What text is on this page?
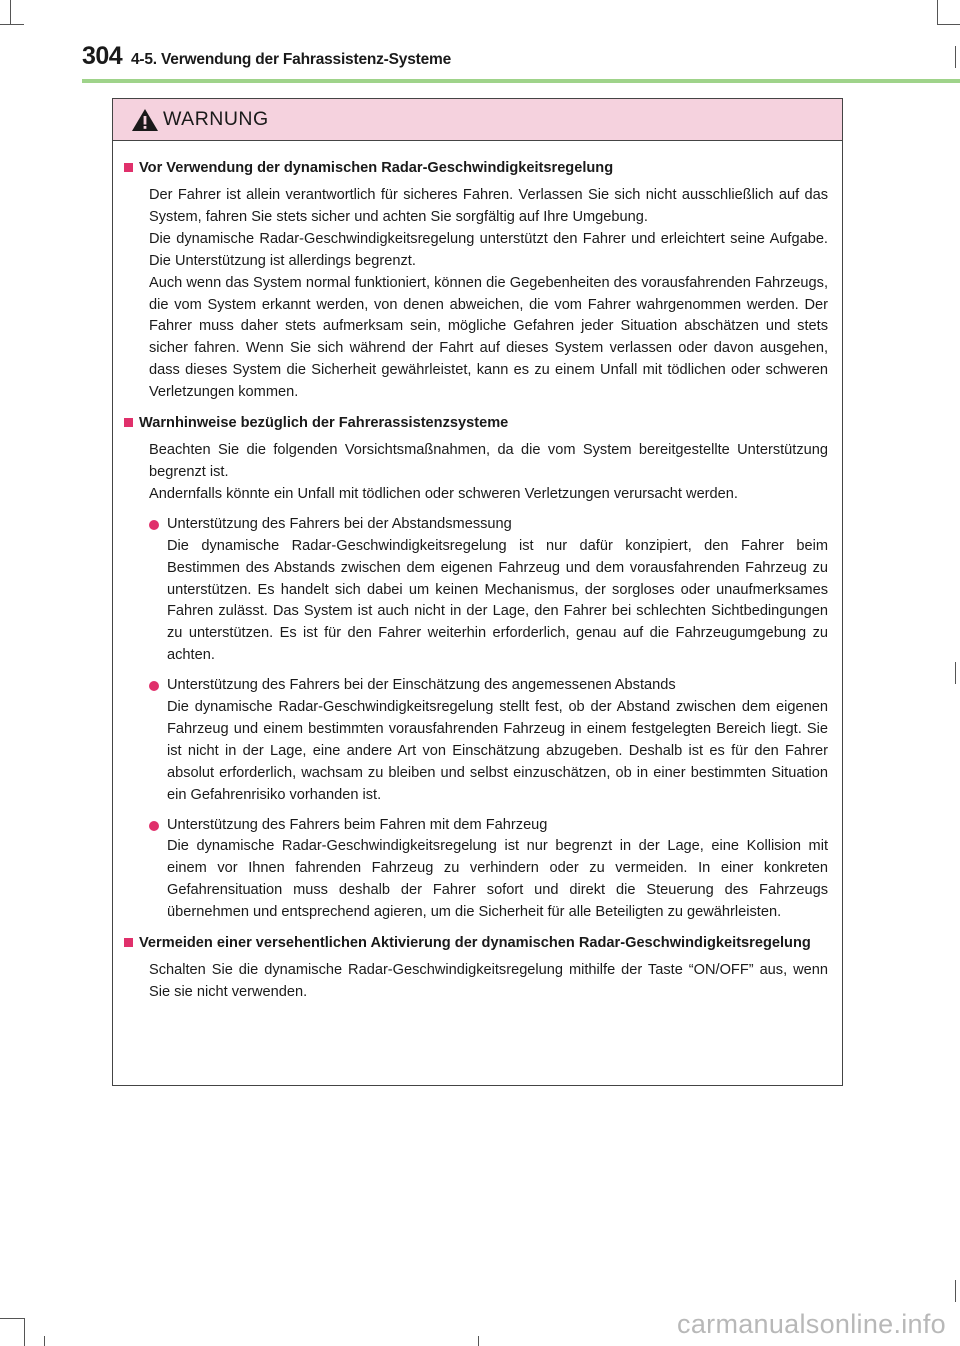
304 4-5. Verwendung der Fahrassistenz-Systeme
WARNUNG
Vor Verwendung der dynamischen Radar-Geschwindigkeitsregelung

Der Fahrer ist allein verantwortlich für sicheres Fahren. Verlassen Sie sich nicht ausschließlich auf das System, fahren Sie stets sicher und achten Sie sorgfältig auf Ihre Umgebung.

Die dynamische Radar-Geschwindigkeitsregelung unterstützt den Fahrer und erleichtert seine Aufgabe. Die Unterstützung ist allerdings begrenzt.

Auch wenn das System normal funktioniert, können die Gegebenheiten des vorausfahrenden Fahrzeugs, die vom System erkannt werden, von denen abweichen, die vom Fahrer wahrgenommen werden. Der Fahrer muss daher stets aufmerksam sein, mögliche Gefahren jeder Situation abschätzen und stets sicher fahren. Wenn Sie sich während der Fahrt auf dieses System verlassen oder davon ausgehen, dass dieses System die Sicherheit gewährleistet, kann es zu einem Unfall mit tödlichen oder schweren Verletzungen kommen.

Warnhinweise bezüglich der Fahrerassistenzsysteme

Beachten Sie die folgenden Vorsichtsmaßnahmen, da die vom System bereitgestellte Unterstützung begrenzt ist.

Andernfalls könnte ein Unfall mit tödlichen oder schweren Verletzungen verursacht werden.

Unterstützung des Fahrers bei der Abstandsmessung
Die dynamische Radar-Geschwindigkeitsregelung ist nur dafür konzipiert, den Fahrer beim Bestimmen des Abstands zwischen dem eigenen Fahrzeug und dem vorausfahrenden Fahrzeug zu unterstützen. Es handelt sich dabei um keinen Mechanismus, der sorgloses oder unaufmerksames Fahren zulässt. Das System ist auch nicht in der Lage, den Fahrer bei schlechten Sichtbedingungen zu unterstützen. Es ist für den Fahrer weiterhin erforderlich, genau auf die Fahrzeugumgebung zu achten.
Unterstützung des Fahrers bei der Einschätzung des angemessenen Abstands
Die dynamische Radar-Geschwindigkeitsregelung stellt fest, ob der Abstand zwischen dem eigenen Fahrzeug und einem bestimmten vorausfahrenden Fahrzeug in einem festgelegten Bereich liegt. Sie ist nicht in der Lage, eine andere Art von Einschätzung abzugeben. Deshalb ist es für den Fahrer absolut erforderlich, wachsam zu bleiben und selbst einzuschätzen, ob in einer bestimmten Situation ein Gefahrenrisiko vorhanden ist.
Unterstützung des Fahrers beim Fahren mit dem Fahrzeug
Die dynamische Radar-Geschwindigkeitsregelung ist nur begrenzt in der Lage, eine Kollision mit einem vor Ihnen fahrenden Fahrzeug zu verhindern oder zu vermeiden. In einer konkreten Gefahrensituation muss deshalb der Fahrer sofort und direkt die Steuerung des Fahrzeugs übernehmen und entsprechend agieren, um die Sicherheit für alle Beteiligten zu gewährleisten.
Vermeiden einer versehentlichen Aktivierung der dynamischen Radar-Geschwindigkeitsregelung

Schalten Sie die dynamische Radar-Geschwindigkeitsregelung mithilfe der Taste “ON/OFF” aus, wenn Sie sie nicht verwenden.

carmanualsonline.info
